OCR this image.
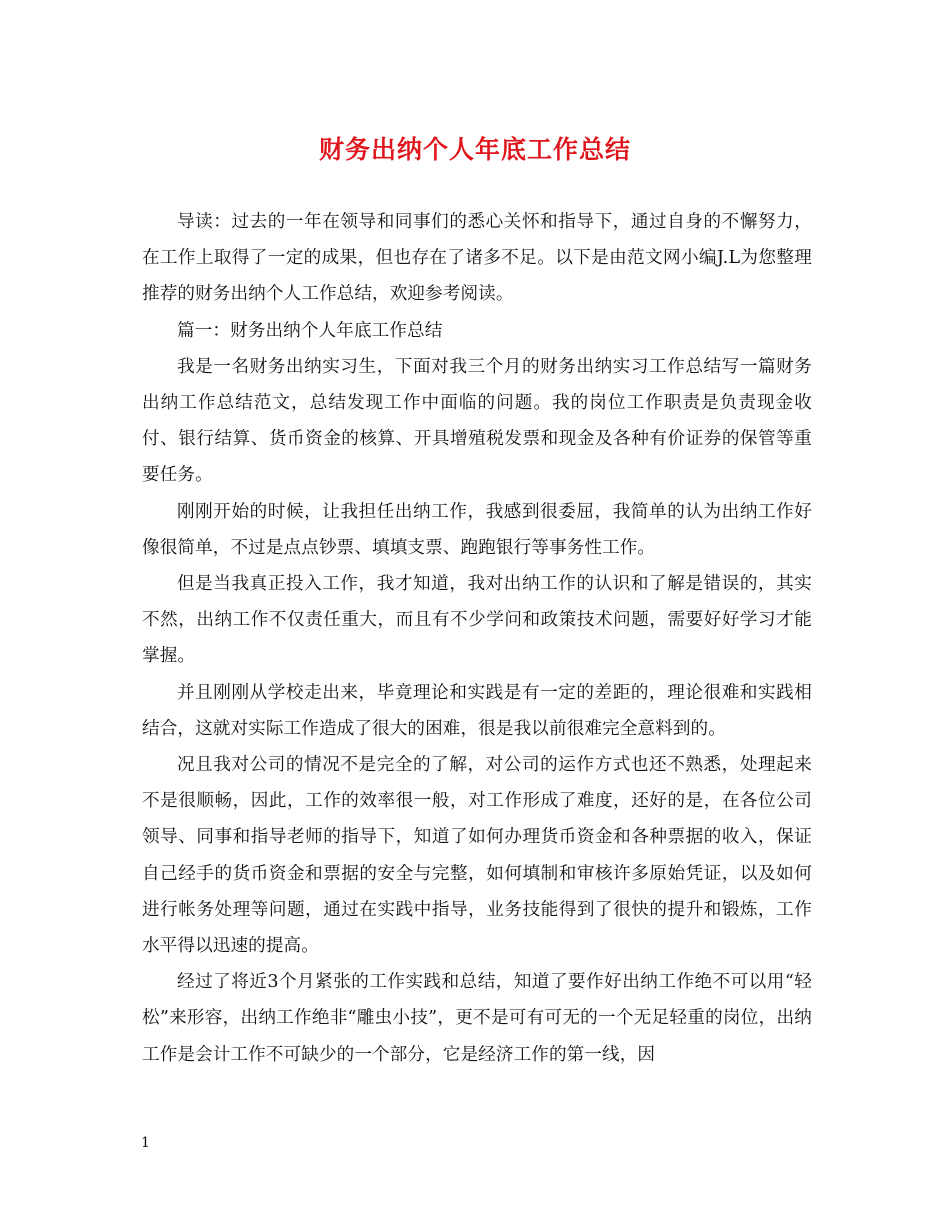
财务出纳个人年底工作总结

导读：过去的一年在领导和同事们的悉心关怀和指导下，通过自身的不懈努力，在工作上取得了一定的成果，但也存在了诸多不足。以下是由范文网小编J.L为您整理推荐的财务出纳个人工作总结，欢迎参考阅读。

篇一：财务出纳个人年底工作总结

我是一名财务出纳实习生，下面对我三个月的财务出纳实习工作总结写一篇财务出纳工作总结范文，总结发现工作中面临的问题。我的岗位工作职责是负责现金收付、银行结算、货币资金的核算、开具增殖税发票和现金及各种有价证券的保管等重要任务。

刚刚开始的时候，让我担任出纳工作，我感到很委屈，我简单的认为出纳工作好像很简单，不过是点点钞票、填填支票、跑跑银行等事务性工作。

但是当我真正投入工作，我才知道，我对出纳工作的认识和了解是错误的，其实不然，出纳工作不仅责任重大，而且有不少学问和政策技术问题，需要好好学习才能掌握。

并且刚刚从学校走出来，毕竟理论和实践是有一定的差距的，理论很难和实践相结合，这就对实际工作造成了很大的困难，很是我以前很难完全意料到的。

况且我对公司的情况不是完全的了解，对公司的运作方式也还不熟悉，处理起来不是很顺畅，因此，工作的效率很一般，对工作形成了难度，还好的是，在各位公司领导、同事和指导老师的指导下，知道了如何办理货币资金和各种票据的收入，保证自己经手的货币资金和票据的安全与完整，如何填制和审核许多原始凭证，以及如何进行帐务处理等问题，通过在实践中指导，业务技能得到了很快的提升和锻炼，工作水平得以迅速的提高。

经过了将近3个月紧张的工作实践和总结，知道了要作好出纳工作绝不可以用“轻松”来形容，出纳工作绝非“雕虫小技”，更不是可有可无的一个无足轻重的岗位，出纳工作是会计工作不可缺少的一个部分，它是经济工作的第一线，因

1
